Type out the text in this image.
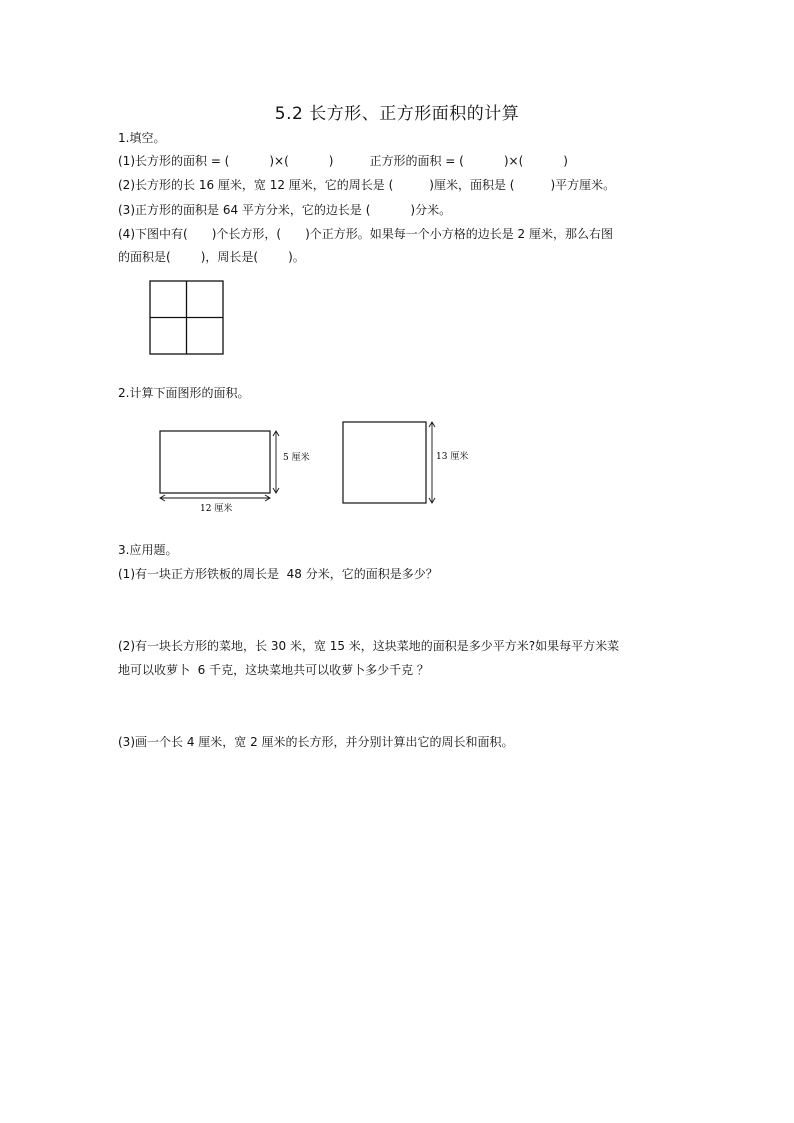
5.2 长方形、正方形面积的计算
1.填空。
(1)长方形的面积 = (	)×(	)	正方形的面积 = (	)×(	)
(2)长方形的长 16 厘米，宽 12 厘米，它的周长是 (	)厘米，面积是 (	)平方厘米。
(3)正方形的面积是 64 平方分米，它的边长是 (	)分米。
(4)下图中有( )个长方形，( )个正方形。如果每一个小方格的边长是 2 厘米，那么右图
的面积是(	)，周长是(	)。
2.计算下面图形的面积。
5 厘米
12 厘米
13 厘米
3.应用题。
(1)有一块正方形铁板的周长是  48 分米，它的面积是多少？
(2)有一块长方形的菜地，长 30 米，宽 15 米，这块菜地的面积是多少平方米?如果每平方米菜
地可以收萝卜  6 千克，这块菜地共可以收萝卜多少千克 ？
(3)画一个长 4 厘米，宽 2 厘米的长方形，并分别计算出它的周长和面积。
